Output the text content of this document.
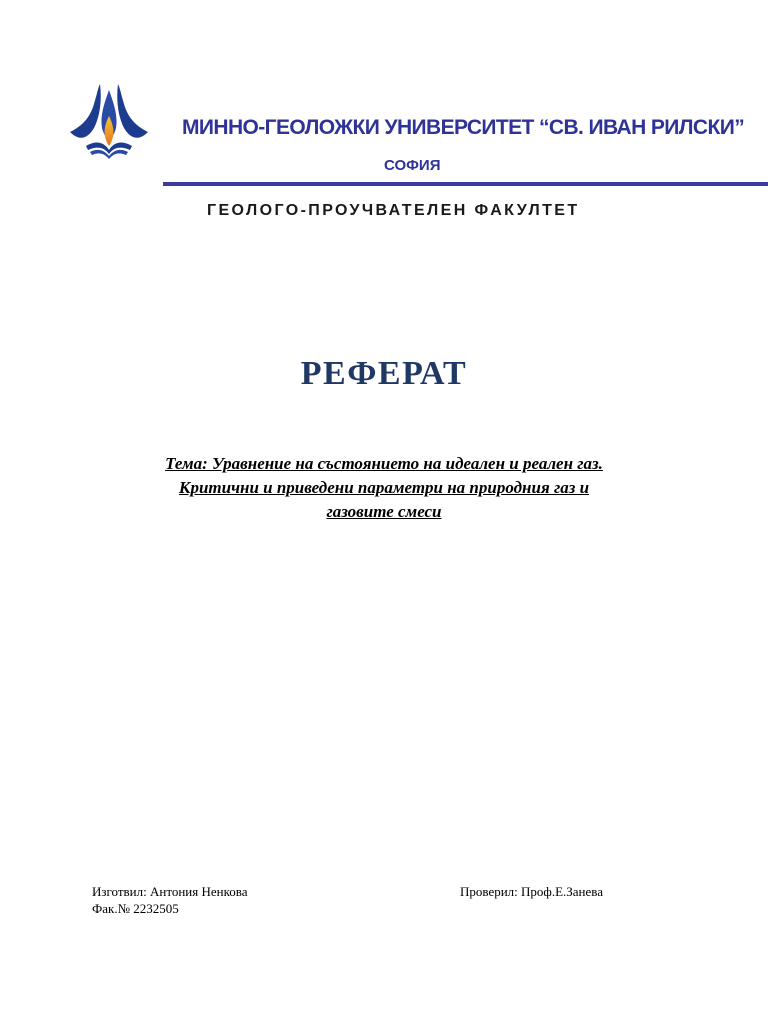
МИННО-ГЕОЛОЖКИ УНИВЕРСИТЕТ “СВ. ИВАН РИЛСКИ”

СОФИЯ

ГЕОЛОГО-ПРОУЧВАТЕЛЕН ФАКУЛТЕТ

РЕФЕРАТ

Тема: Уравнение на състоянието на идеален и реален газ.
Критични и приведени параметри на природния газ и
газовите смеси

Изготвил: Антония Ненкова
Фак.№ 2232505
Проверил: Проф.Е.Занева
